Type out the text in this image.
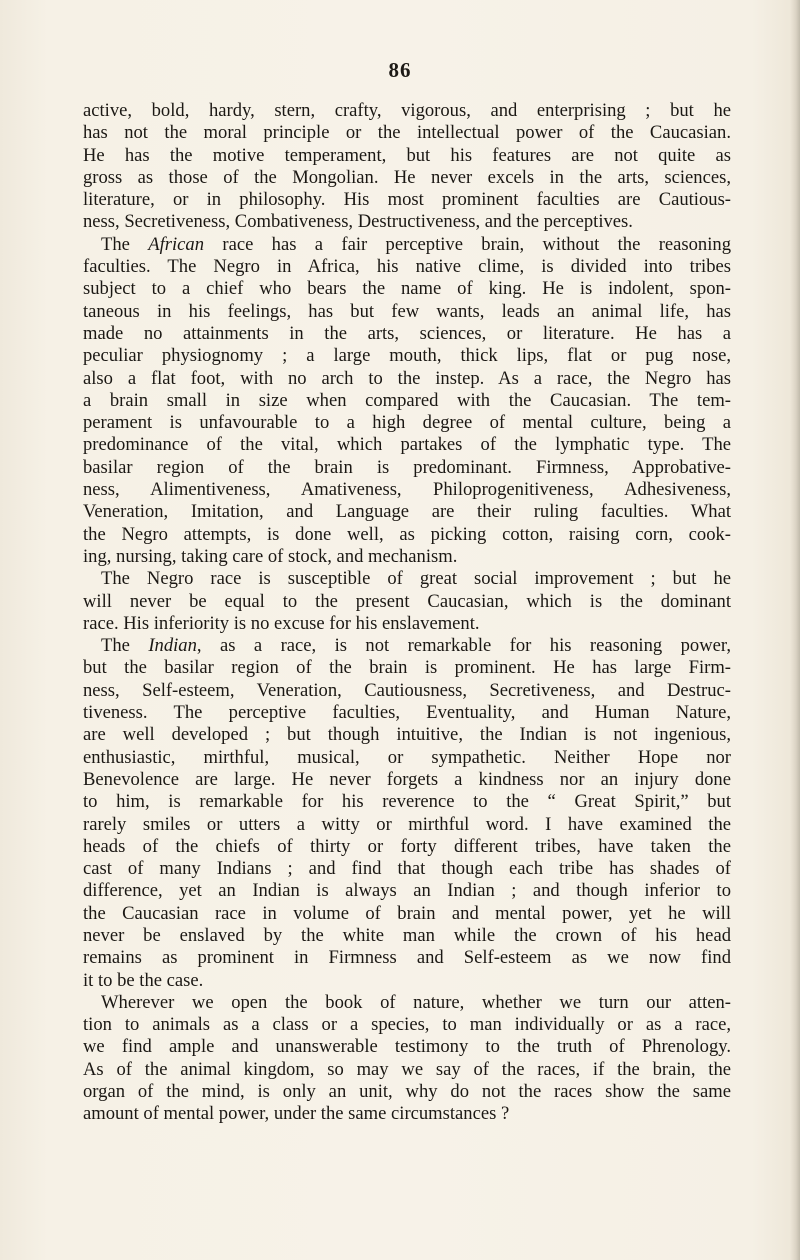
86
active, bold, hardy, stern, crafty, vigorous, and enterprising ; but he
has not the moral principle or the intellectual power of the Caucasian.
He has the motive temperament, but his features are not quite as
gross as those of the Mongolian. He never excels in the arts, sciences,
literature, or in philosophy. His most prominent faculties are Cautious-
ness, Secretiveness, Combativeness, Destructiveness, and the perceptives.
The African race has a fair perceptive brain, without the reasoning
faculties. The Negro in Africa, his native clime, is divided into tribes
subject to a chief who bears the name of king. He is indolent, spon-
taneous in his feelings, has but few wants, leads an animal life, has
made no attainments in the arts, sciences, or literature. He has a
peculiar physiognomy ; a large mouth, thick lips, flat or pug nose,
also a flat foot, with no arch to the instep. As a race, the Negro has
a brain small in size when compared with the Caucasian. The tem-
perament is unfavourable to a high degree of mental culture, being a
predominance of the vital, which partakes of the lymphatic type. The
basilar region of the brain is predominant. Firmness, Approbative-
ness, Alimentiveness, Amativeness, Philoprogenitiveness, Adhesiveness,
Veneration, Imitation, and Language are their ruling faculties. What
the Negro attempts, is done well, as picking cotton, raising corn, cook-
ing, nursing, taking care of stock, and mechanism.
The Negro race is susceptible of great social improvement ; but he
will never be equal to the present Caucasian, which is the dominant
race. His inferiority is no excuse for his enslavement.
The Indian, as a race, is not remarkable for his reasoning power,
but the basilar region of the brain is prominent. He has large Firm-
ness, Self-esteem, Veneration, Cautiousness, Secretiveness, and Destruc-
tiveness. The perceptive faculties, Eventuality, and Human Nature,
are well developed ; but though intuitive, the Indian is not ingenious,
enthusiastic, mirthful, musical, or sympathetic. Neither Hope nor
Benevolence are large. He never forgets a kindness nor an injury done
to him, is remarkable for his reverence to the “ Great Spirit,” but
rarely smiles or utters a witty or mirthful word. I have examined the
heads of the chiefs of thirty or forty different tribes, have taken the
cast of many Indians ; and find that though each tribe has shades of
difference, yet an Indian is always an Indian ; and though inferior to
the Caucasian race in volume of brain and mental power, yet he will
never be enslaved by the white man while the crown of his head
remains as prominent in Firmness and Self-esteem as we now find
it to be the case.
Wherever we open the book of nature, whether we turn our atten-
tion to animals as a class or a species, to man individually or as a race,
we find ample and unanswerable testimony to the truth of Phrenology.
As of the animal kingdom, so may we say of the races, if the brain, the
organ of the mind, is only an unit, why do not the races show the same
amount of mental power, under the same circumstances ?
